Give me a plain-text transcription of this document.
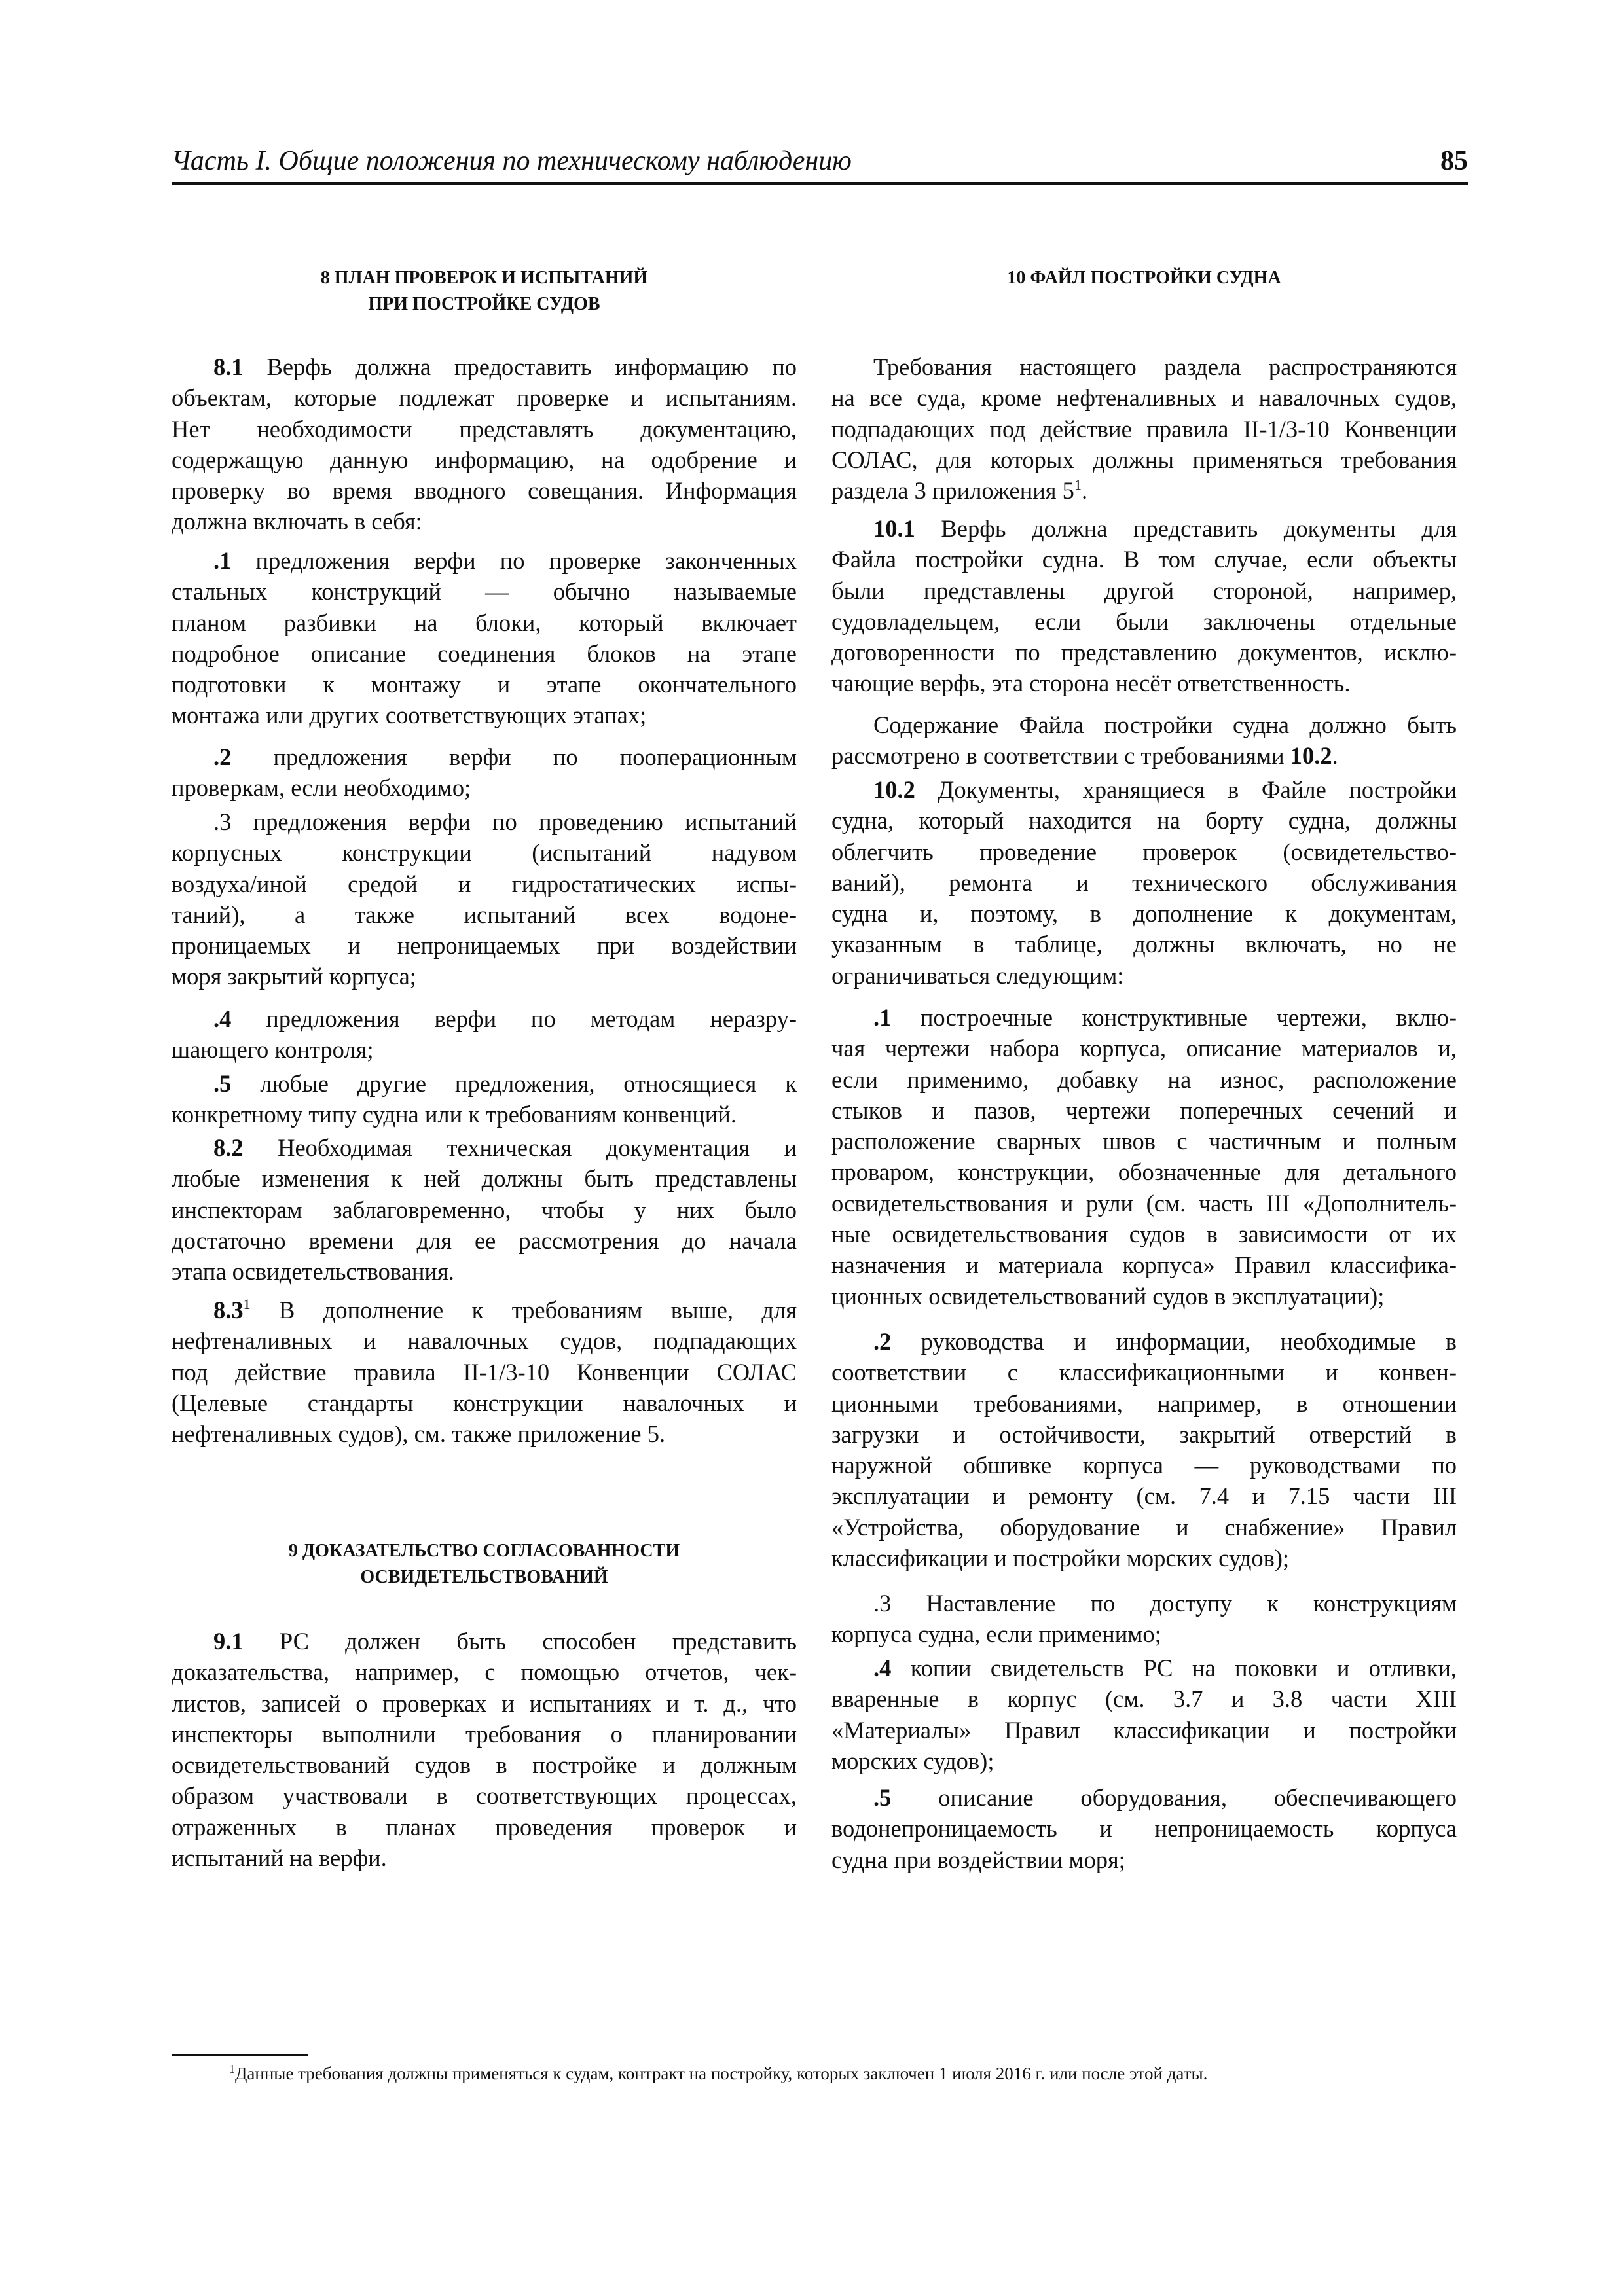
Часть I. Общие положения по техническому наблюдению	85
8 ПЛАН ПРОВЕРОК И ИСПЫТАНИЙ
ПРИ ПОСТРОЙКЕ СУДОВ
8.1 Верфь должна предоставить информацию по
объектам, которые подлежат проверке и испытаниям.
Нет необходимости представлять документацию,
содержащую данную информацию, на одобрение и
проверку во время вводного совещания. Информация
должна включать в себя:
.1 предложения верфи по проверке законченных
стальных конструкций — обычно называемые
планом разбивки на блоки, который включает
подробное описание соединения блоков на этапе
подготовки к монтажу и этапе окончательного
монтажа или других соответствующих этапах;
.2 предложения верфи по пооперационным
проверкам, если необходимо;
.3 предложения верфи по проведению испытаний
корпусных конструкции (испытаний надувом
воздуха/иной средой и гидростатических испы-
таний), а также испытаний всех водоне-
проницаемых и непроницаемых при воздействии
моря закрытий корпуса;
.4 предложения верфи по методам неразру-
шающего контроля;
.5 любые другие предложения, относящиеся к
конкретному типу судна или к требованиям конвенций.
8.2 Необходимая техническая документация и
любые изменения к ней должны быть представлены
инспекторам заблаговременно, чтобы у них было
достаточно времени для ее рассмотрения до начала
этапа освидетельствования.
$8.3^1$ В дополнение к требованиям выше, для
нефтеналивных и навалочных судов, подпадающих
под действие правила II-1/3-10 Конвенции СОЛАС
(Целевые стандарты конструкции навалочных и
нефтеналивных судов), см. также приложение 5.
9 ДОКАЗАТЕЛЬСТВО СОГЛАСОВАННОСТИ
ОСВИДЕТЕЛЬСТВОВАНИЙ
9.1 РС должен быть способен представить
доказательства, например, с помощью отчетов, чек-
листов, записей о проверках и испытаниях и т. д., что
инспекторы выполнили требования о планировании
освидетельствований судов в постройке и должным
образом участвовали в соответствующих процессах,
отраженных в планах проведения проверок и
испытаний на верфи.
10 ФАЙЛ ПОСТРОЙКИ СУДНА
Требования настоящего раздела распространяются
на все суда, кроме нефтеналивных и навалочных судов,
подпадающих под действие правила II-1/3-10 Конвенции
СОЛАС, для которых должны применяться требования
раздела 3 приложения $5^1$.
10.1 Верфь должна представить документы для
Файла постройки судна. В том случае, если объекты
были представлены другой стороной, например,
судовладельцем, если были заключены отдельные
договоренности по представлению документов, исклю-
чающие верфь, эта сторона несёт ответственность.
Содержание Файла постройки судна должно быть
рассмотрено в соответствии с требованиями 10.2.
10.2 Документы, хранящиеся в Файле постройки
судна, который находится на борту судна, должны
облегчить проведение проверок (освидетельство-
ваний), ремонта и технического обслуживания
судна и, поэтому, в дополнение к документам,
указанным в таблице, должны включать, но не
ограничиваться следующим:
.1 построечные конструктивные чертежи, вклю-
чая чертежи набора корпуса, описание материалов и,
если применимо, добавку на износ, расположение
стыков и пазов, чертежи поперечных сечений и
расположение сварных швов с частичным и полным
проваром, конструкции, обозначенные для детального
освидетельствования и рули (см. часть III «Дополнитель-
ные освидетельствования судов в зависимости от их
назначения и материала корпуса» Правил классифика-
ционных освидетельствований судов в эксплуатации);
.2 руководства и информации, необходимые в
соответствии с классификационными и конвен-
ционными требованиями, например, в отношении
загрузки и остойчивости, закрытий отверстий в
наружной обшивке корпуса — руководствами по
эксплуатации и ремонту (см. 7.4 и 7.15 части III
«Устройства, оборудование и снабжение» Правил
классификации и постройки морских судов);
.3 Наставление по доступу к конструкциям
корпуса судна, если применимо;
.4 копии свидетельств РС на поковки и отливки,
вваренные в корпус (см. 3.7 и 3.8 части XIII
«Материалы» Правил классификации и постройки
морских судов);
.5 описание оборудования, обеспечивающего
водонепроницаемость и непроницаемость корпуса
судна при воздействии моря;
$^1$Данные требования должны применяться к судам, контракт на постройку, которых заключен 1 июля 2016 г. или после этой даты.
